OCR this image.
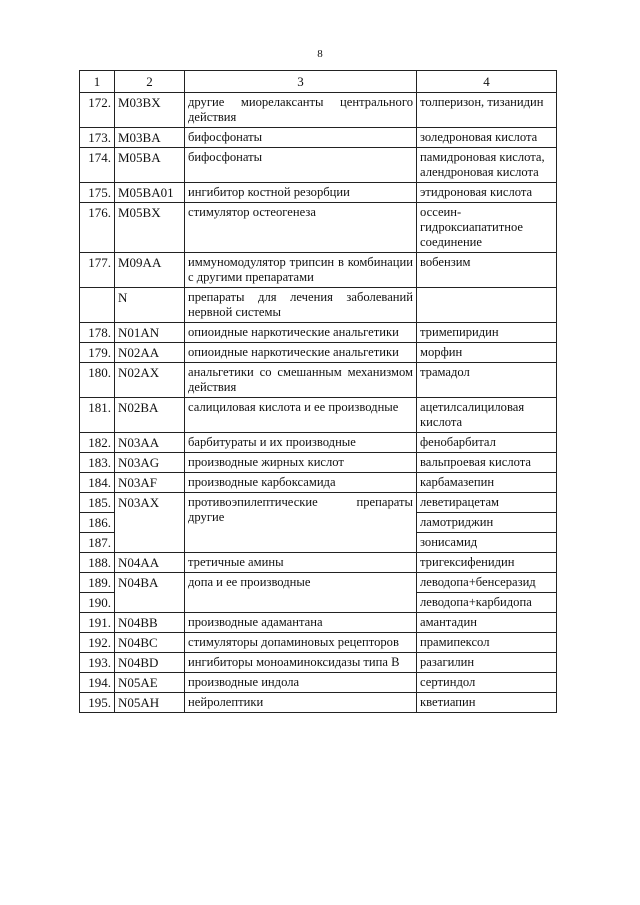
8
1	2	3	4
172.	M03BX	другие миорелаксанты центрального действия	толперизон, тизанидин
173.	M03BA	бифосфонаты	золедроновая кислота
174.	M05BA	бифосфонаты	памидроновая кислота, алендроновая кислота
175.	M05BA01	ингибитор костной резорбции	этидроновая кислота
176.	M05BX	стимулятор остеогенеза	оссеин-гидроксиапатитное соединение
177.	M09AA	иммуномодулятор трипсин в комбинации с другими препаратами	вобензим
	N	препараты для лечения заболеваний нервной системы	
178.	N01AN	опиоидные наркотические анальгетики	тримепиридин
179.	N02AA	опиоидные наркотические анальгетики	морфин
180.	N02AX	анальгетики со смешанным механизмом действия	трамадол
181.	N02BA	салициловая кислота и ее производные	ацетилсалициловая кислота
182.	N03AA	барбитураты и их производные	фенобарбитал
183.	N03AG	производные жирных кислот	вальпроевая кислота
184.	N03AF	производные карбоксамида	карбамазепин
185.	N03AX	противоэпилептические препараты другие	леветирацетам
186.			ламотриджин
187.			зонисамид
188.	N04AA	третичные амины	тригексифенидин
189.	N04BA	допа и ее производные	леводопа+бенсеразид
190.			леводопа+карбидопа
191.	N04BB	производные адамантана	амантадин
192.	N04BC	стимуляторы допаминовых рецепторов	прамипексол
193.	N04BD	ингибиторы моноаминоксидазы типа B	разагилин
194.	N05AE	производные индола	сертиндол
195.	N05AH	нейролептики	кветиапин
